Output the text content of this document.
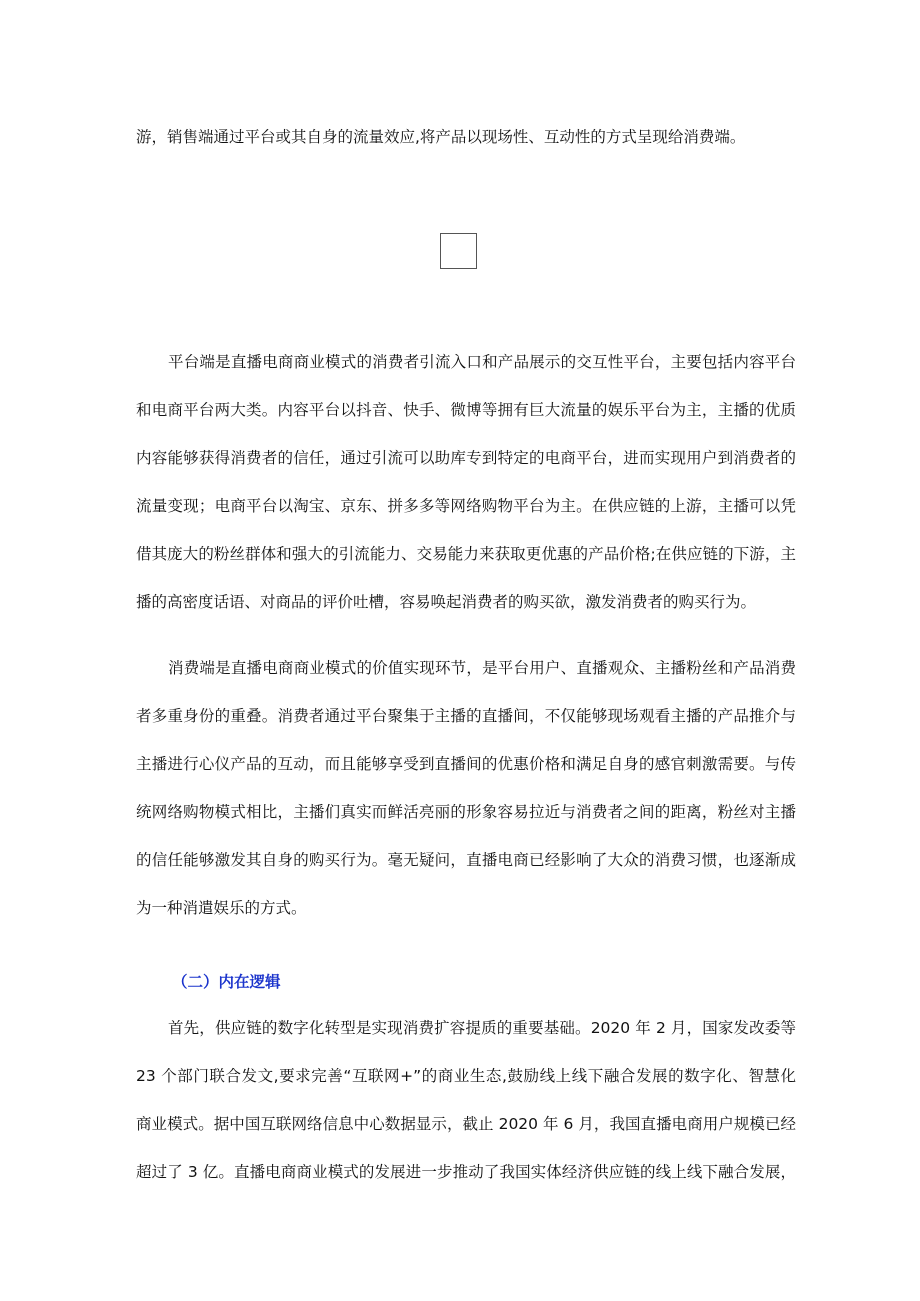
游，销售端通过平台或其自身的流量效应,将产品以现场性、互动性的方式呈现给消费端。
平台端是直播电商商业模式的消费者引流入口和产品展示的交互性平台，主要包括内容平台
和电商平台两大类。内容平台以抖音、快手、微博等拥有巨大流量的娱乐平台为主，主播的优质
内容能够获得消费者的信任，通过引流可以助库专到特定的电商平台，进而实现用户到消费者的
流量变现；电商平台以淘宝、京东、拼多多等网络购物平台为主。在供应链的上游，主播可以凭
借其庞大的粉丝群体和强大的引流能力、交易能力来获取更优惠的产品价格;在供应链的下游，主
播的高密度话语、对商品的评价吐槽，容易唤起消费者的购买欲，激发消费者的购买行为。
消费端是直播电商商业模式的价值实现环节，是平台用户、直播观众、主播粉丝和产品消费
者多重身份的重叠。消费者通过平台聚集于主播的直播间，不仅能够现场观看主播的产品推介与
主播进行心仪产品的互动，而且能够享受到直播间的优惠价格和满足自身的感官刺激需要。与传
统网络购物模式相比，主播们真实而鲜活亮丽的形象容易拉近与消费者之间的距离，粉丝对主播
的信任能够激发其自身的购买行为。毫无疑问，直播电商已经影响了大众的消费习惯，也逐渐成
为一种消遣娱乐的方式。
（二）内在逻辑
首先，供应链的数字化转型是实现消费扩容提质的重要基础。2020 年 2 月，国家发改委等
23 个部门联合发文,要求完善“互联网+”的商业生态,鼓励线上线下融合发展的数字化、智慧化
商业模式。据中国互联网络信息中心数据显示，截止 2020 年 6 月，我国直播电商用户规模已经
超过了 3 亿。直播电商商业模式的发展进一步推动了我国实体经济供应链的线上线下融合发展，
